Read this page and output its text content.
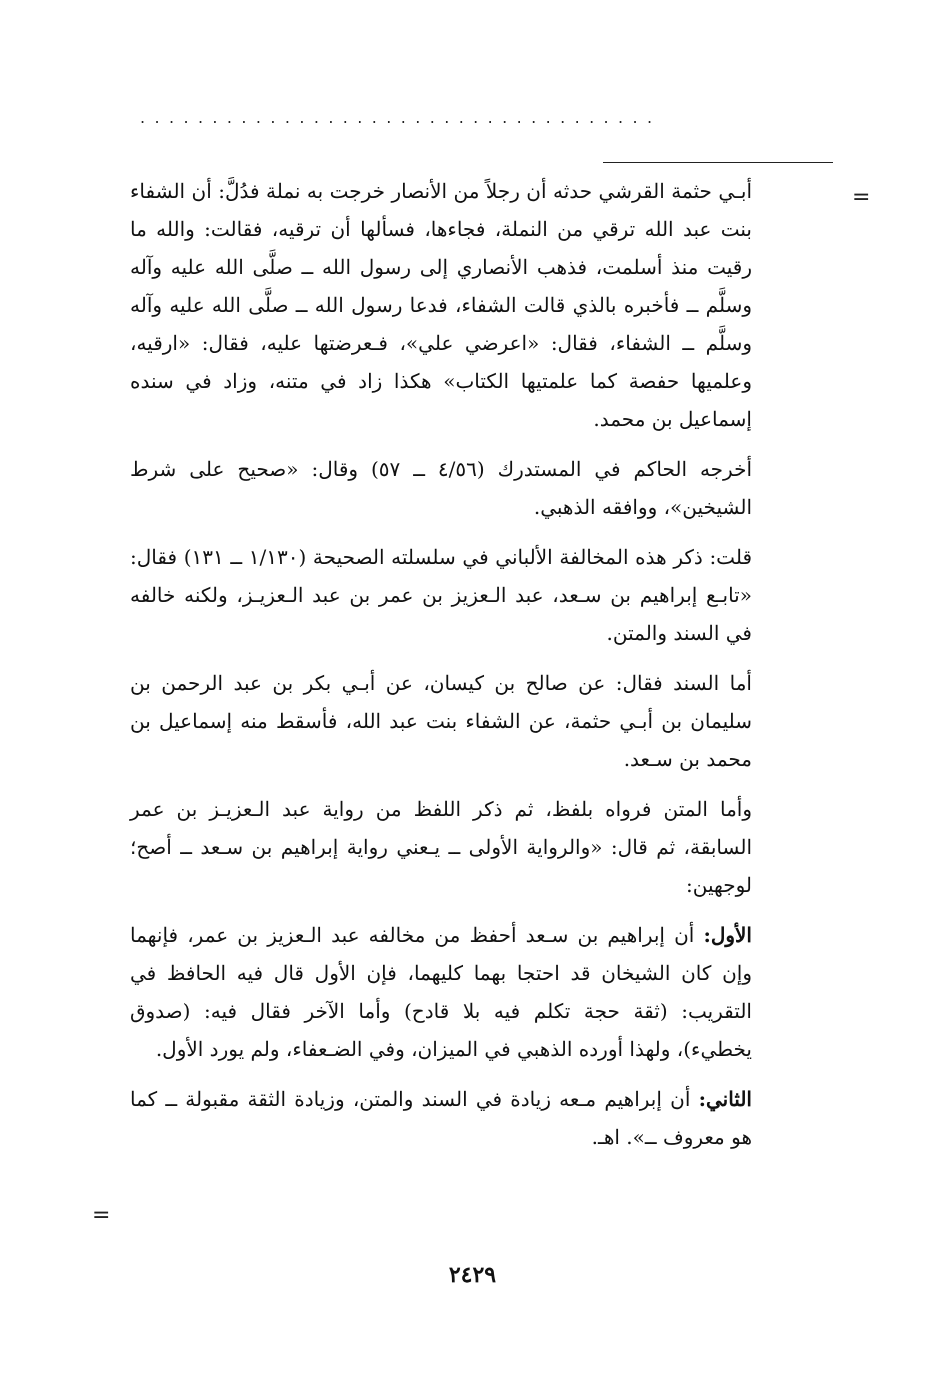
....................................
=

أبـي حثمة القرشي حدثه أن رجلاً من الأنصار خرجت به نملة فدُلَّ: أن الشفاء بنت عبد الله ترقي من النملة، فجاءها، فسألها أن ترقيه، فقالت: والله ما رقيت منذ أسلمت، فذهب الأنصاري إلى رسول الله ــ صلَّى الله عليه وآله وسلَّم ــ فأخبره بالذي قالت الشفاء، فدعا رسول الله ــ صلَّى الله عليه وآله وسلَّم ــ الشفاء، فقال: «اعرضي علي»، فـعرضتها عليه، فقال: «ارقيه، وعلميها حفصة كما علمتيها الكتاب» هكذا زاد في متنه، وزاد في سنده إسماعيل بن محمد.

أخرجه الحاكم في المستدرك (٤/٥٦ ــ ٥٧) وقال: «صحيح على شرط الشيخين»، ووافقه الذهبي.

قلت: ذكر هذه المخالفة الألباني في سلسلته الصحيحة (١/١٣٠ ــ ١٣١) فقال: «تابـع إبراهيم بن سـعد، عبد الـعزيز بن عمر بن عبد الـعزيـز، ولكنه خالفه في السند والمتن.

أما السند فقال: عن صالح بن كيسان، عن أبـي بكر بن عبد الرحمن بن سليمان بن أبـي حثمة، عن الشفاء بنت عبد الله، فأسقط منه إسماعيل بن محمد بن سـعد.

وأما المتن فرواه بلفظ، ثم ذكر اللفظ من رواية عبد الـعزيـز بن عمر السابقة، ثم قال: «والرواية الأولى ــ يـعني رواية إبراهيم بن سـعد ــ أصح؛ لوجهين:

الأول: أن إبراهيم بن سـعد أحفظ من مخالفه عبد الـعزيز بن عمر، فإنهما وإن كان الشيخان قد احتجا بهما كليهما، فإن الأول قال فيه الحافظ في التقريب: (ثقة حجة تكلم فيه بلا قادح) وأما الآخر فقال فيه: (صدوق يخطيء)، ولهذا أورده الذهبي في الميزان، وفي الضـعفاء، ولم يورد الأول.

الثاني: أن إبراهيم مـعه زيادة في السند والمتن، وزيادة الثقة مقبولة ــ كما هو معروف ــ». اهـ.

=
٢٤٢٩
